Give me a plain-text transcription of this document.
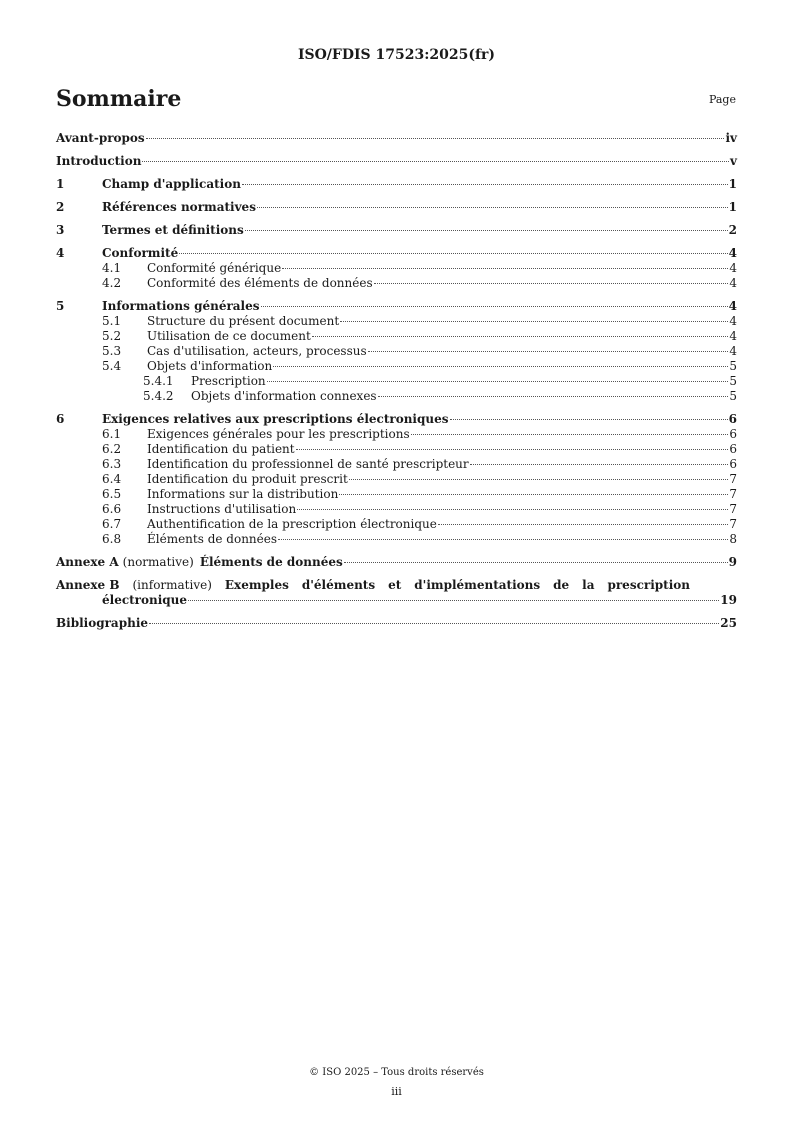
ISO/FDIS 17523:2025(fr)
Sommaire	Page
Avant-propos	iv
Introduction	v
1	Champ d'application	1
2	Références normatives	1
3	Termes et définitions	2
4	Conformité	4
4.1	Conformité générique	4
4.2	Conformité des éléments de données	4
5	Informations générales	4
5.1	Structure du présent document	4
5.2	Utilisation de ce document	4
5.3	Cas d'utilisation, acteurs, processus	4
5.4	Objets d'information	5
5.4.1	Prescription	5
5.4.2	Objets d'information connexes	5
6	Exigences relatives aux prescriptions électroniques	6
6.1	Exigences générales pour les prescriptions	6
6.2	Identification du patient	6
6.3	Identification du professionnel de santé prescripteur	6
6.4	Identification du produit prescrit	7
6.5	Informations sur la distribution	7
6.6	Instructions d'utilisation	7
6.7	Authentification de la prescription électronique	7
6.8	Éléments de données	8
Annexe A (normative) Éléments de données	9
Annexe B (informative) Exemples d'éléments et d'implémentations de la prescription
électronique	19
Bibliographie	25
© ISO 2025 – Tous droits réservés
iii
